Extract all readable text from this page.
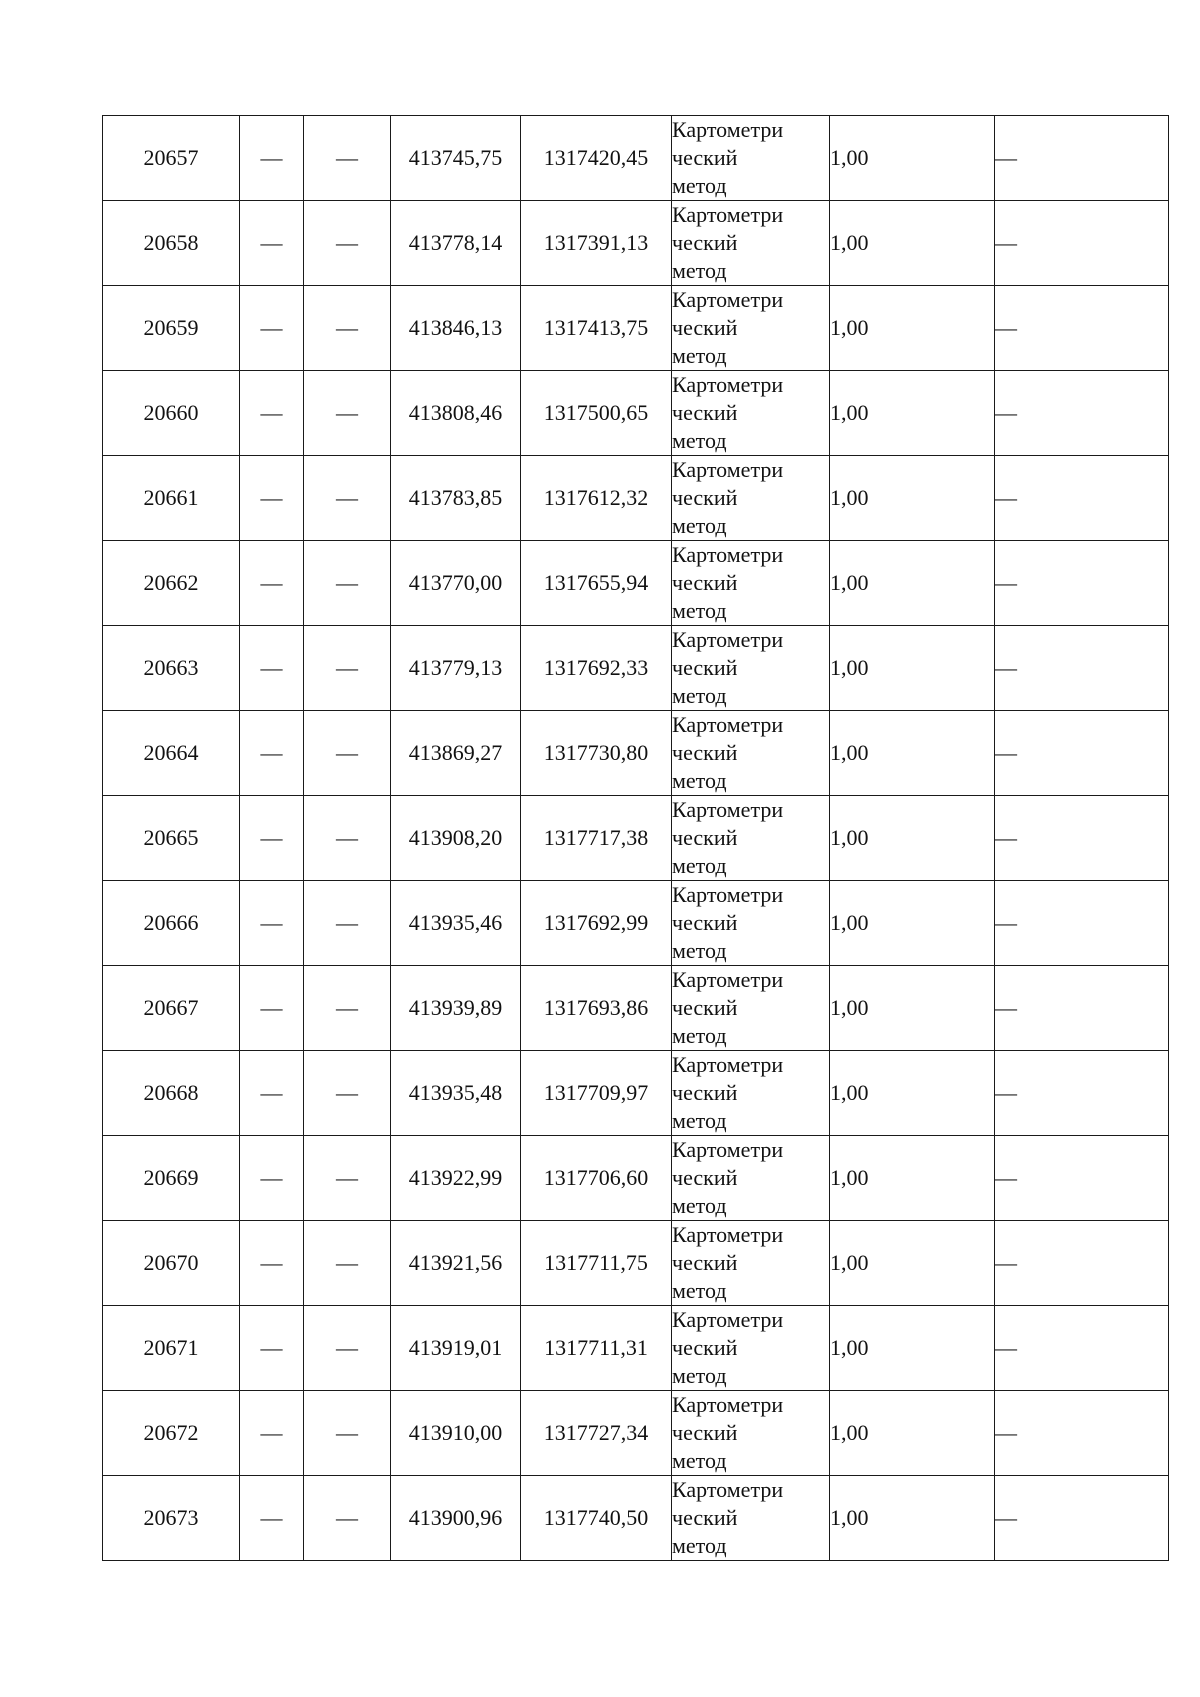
20657	—	—	413745,75	1317420,45	Картометри
ческий
метод	1,00	—
20658	—	—	413778,14	1317391,13	Картометри
ческий
метод	1,00	—
20659	—	—	413846,13	1317413,75	Картометри
ческий
метод	1,00	—
20660	—	—	413808,46	1317500,65	Картометри
ческий
метод	1,00	—
20661	—	—	413783,85	1317612,32	Картометри
ческий
метод	1,00	—
20662	—	—	413770,00	1317655,94	Картометри
ческий
метод	1,00	—
20663	—	—	413779,13	1317692,33	Картометри
ческий
метод	1,00	—
20664	—	—	413869,27	1317730,80	Картометри
ческий
метод	1,00	—
20665	—	—	413908,20	1317717,38	Картометри
ческий
метод	1,00	—
20666	—	—	413935,46	1317692,99	Картометри
ческий
метод	1,00	—
20667	—	—	413939,89	1317693,86	Картометри
ческий
метод	1,00	—
20668	—	—	413935,48	1317709,97	Картометри
ческий
метод	1,00	—
20669	—	—	413922,99	1317706,60	Картометри
ческий
метод	1,00	—
20670	—	—	413921,56	1317711,75	Картометри
ческий
метод	1,00	—
20671	—	—	413919,01	1317711,31	Картометри
ческий
метод	1,00	—
20672	—	—	413910,00	1317727,34	Картометри
ческий
метод	1,00	—
20673	—	—	413900,96	1317740,50	Картометри
ческий
метод	1,00	—
